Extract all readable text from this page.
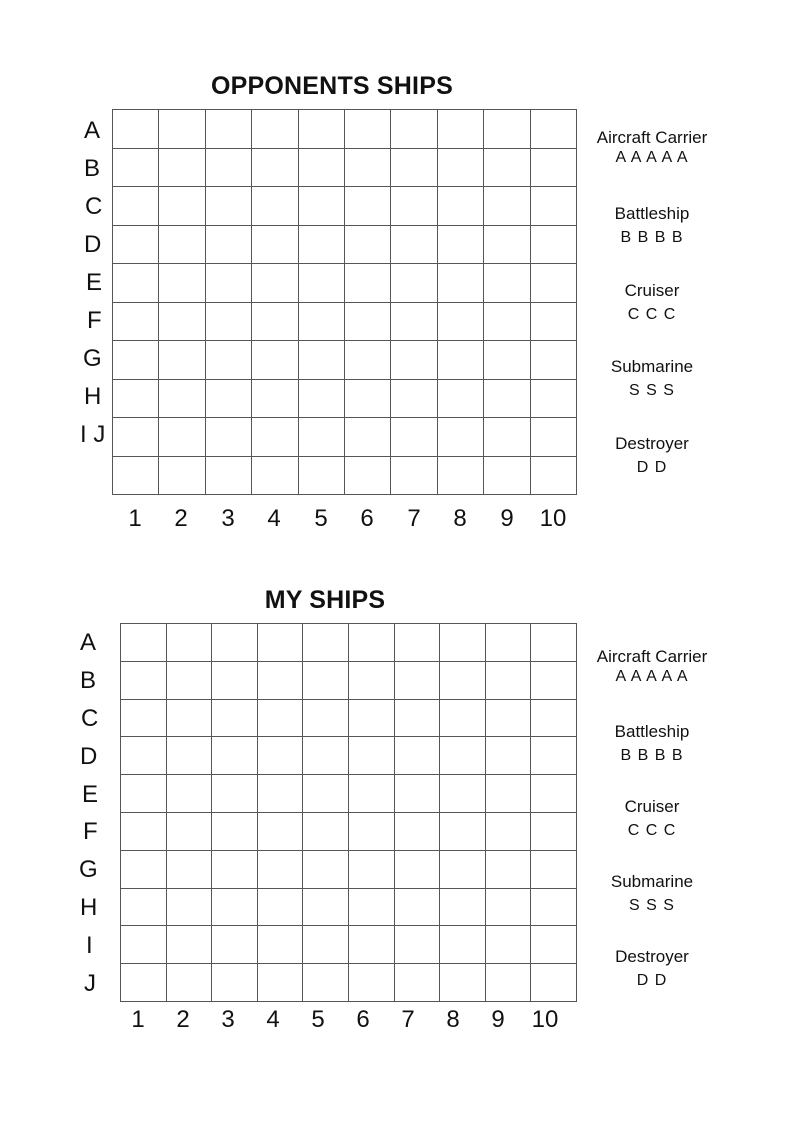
OPPONENTS SHIPS
A
B
C
D
E
F
G
H
I J
1	2	3	4	5	6	7	8	9	10
Aircraft Carrier
A A A A A
Battleship
B B B B
Cruiser
C C C
Submarine
S S S
Destroyer
D D
MY SHIPS
A
B
C
D
E
F
G
H
I
J
1	2	3	4	5	6	7	8	9	10
Aircraft Carrier
A A A A A
Battleship
B B B B
Cruiser
C C C
Submarine
S S S
Destroyer
D D
